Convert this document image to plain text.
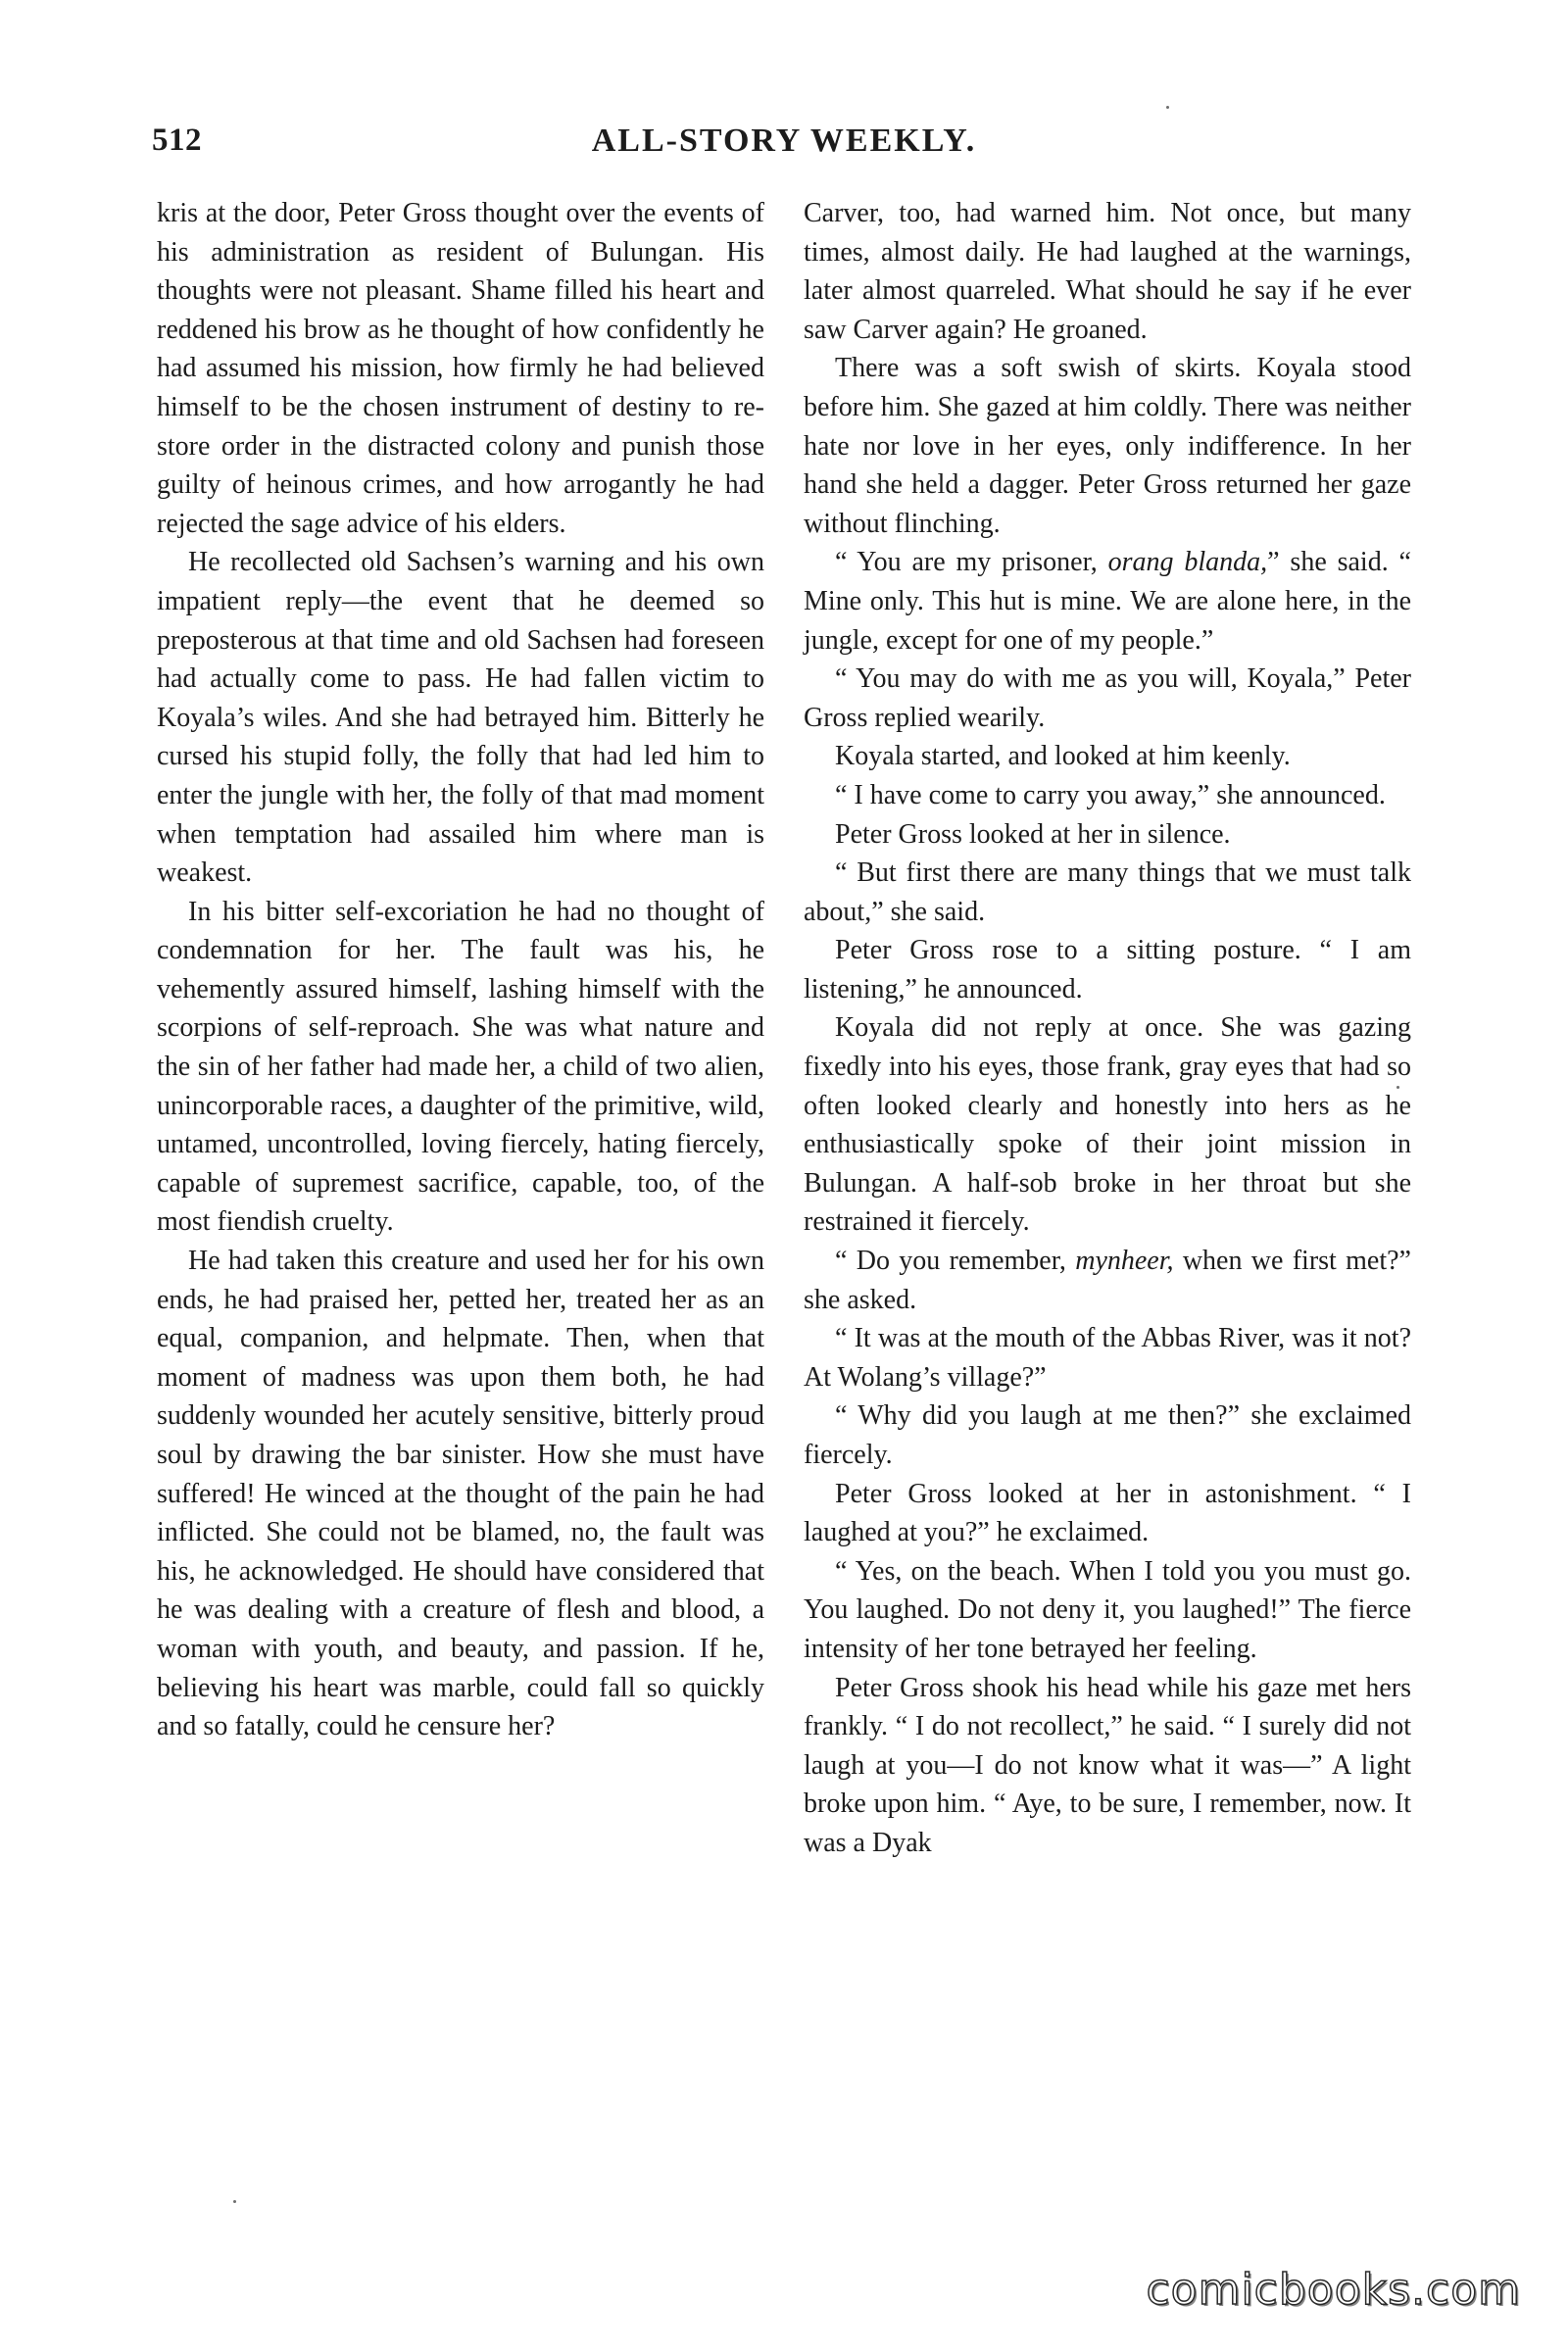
512	ALL-STORY WEEKLY.

kris at the door, Peter Gross thought over the events of his administration as resident of Bulungan. His thoughts were not pleasant. Shame filled his heart and reddened his brow as he thought of how confidently he had assumed his mission, how firmly he had believed himself to be the chosen instrument of destiny to restore order in the distracted colony and punish those guilty of heinous crimes, and how arrogantly he had rejected the sage advice of his elders.

He recollected old Sachsen’s warning and his own impatient reply—the event that he deemed so preposterous at that time and old Sachsen had foreseen had actually come to pass. He had fallen victim to Koyala’s wiles. And she had betrayed him. Bitterly he cursed his stupid folly, the folly that had led him to enter the jungle with her, the folly of that mad moment when temptation had assailed him where man is weakest.

In his bitter self-excoriation he had no thought of condemnation for her. The fault was his, he vehemently assured himself, lashing himself with the scorpions of self-reproach. She was what nature and the sin of her father had made her, a child of two alien, unincorporable races, a daughter of the primitive, wild, untamed, uncontrolled, loving fiercely, hating fiercely, capable of supremest sacrifice, capable, too, of the most fiendish cruelty.

He had taken this creature and used her for his own ends, he had praised her, petted her, treated her as an equal, companion, and helpmate. Then, when that moment of madness was upon them both, he had suddenly wounded her acutely sensitive, bitterly proud soul by drawing the bar sinister. How she must have suffered! He winced at the thought of the pain he had inflicted. She could not be blamed, no, the fault was his, he acknowledged. He should have considered that he was dealing with a creature of flesh and blood, a woman with youth, and beauty, and passion. If he, believing his heart was marble, could fall so quickly and so fatally, could he censure her?

Carver, too, had warned him. Not once, but many times, almost daily. He had laughed at the warnings, later almost quarreled. What should he say if he ever saw Carver again? He groaned.

There was a soft swish of skirts. Koyala stood before him. She gazed at him coldly. There was neither hate nor love in her eyes, only indifference. In her hand she held a dagger. Peter Gross returned her gaze without flinching.

“ You are my prisoner, orang blanda,” she said. “ Mine only. This hut is mine. We are alone here, in the jungle, except for one of my people.”

“ You may do with me as you will, Koyala,” Peter Gross replied wearily.

Koyala started, and looked at him keenly.

“ I have come to carry you away,” she announced.

Peter Gross looked at her in silence.

“ But first there are many things that we must talk about,” she said.

Peter Gross rose to a sitting posture. “ I am listening,” he announced.

Koyala did not reply at once. She was gazing fixedly into his eyes, those frank, gray eyes that had so often looked clearly and honestly into hers as he enthusiastically spoke of their joint mission in Bulungan. A half-sob broke in her throat but she restrained it fiercely.

“ Do you remember, mynheer, when we first met?” she asked.

“ It was at the mouth of the Abbas River, was it not? At Wolang’s village?”

“ Why did you laugh at me then?” she exclaimed fiercely.

Peter Gross looked at her in astonishment. “ I laughed at you?” he exclaimed.

“ Yes, on the beach. When I told you you must go. You laughed. Do not deny it, you laughed!” The fierce intensity of her tone betrayed her feeling.

Peter Gross shook his head while his gaze met hers frankly. “ I do not recollect,” he said. “ I surely did not laugh at you—I do not know what it was—” A light broke upon him. “ Aye, to be sure, I remember, now. It was a Dyak

comicbooks.com
